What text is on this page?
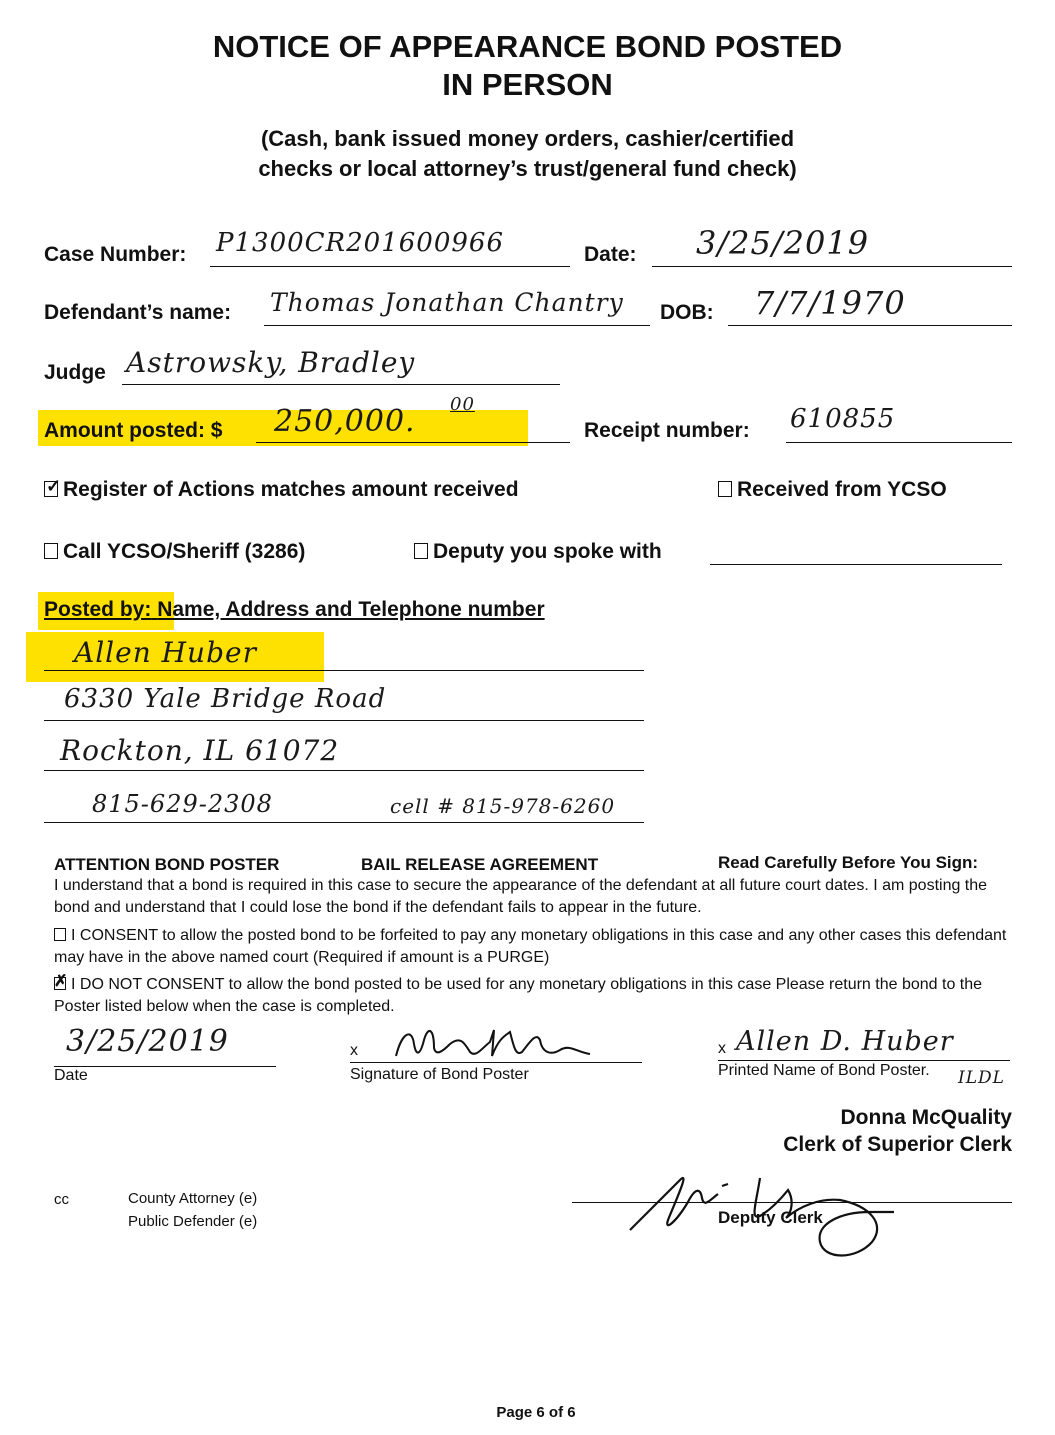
NOTICE OF APPEARANCE BOND POSTED
IN PERSON
(Cash, bank issued money orders, cashier/certified
checks or local attorney’s trust/general fund check)
Case Number: P1300CR201600966	Date: 3/25/2019
Defendant’s name: Thomas Jonathan Chantry DOB: 7/7/1970
Judge Astrowsky, Bradley
Amount posted: $ 250,000. 00
Receipt number: 610855
✓ Register of Actions matches amount received	Received from YCSO
Call YCSO/Sheriff (3286)	Deputy you spoke with
Posted by: Name, Address and Telephone number
Allen Huber
6330 Yale Bridge Road
Rockton, IL 61072
815-629-2308	cell # 815-978-6260
ATTENTION BOND POSTER	BAIL RELEASE AGREEMENT	Read Carefully Before You Sign:
I understand that a bond is required in this case to secure the appearance of the defendant at all future court dates. I am posting the bond and understand that I could lose the bond if the defendant fails to appear in the future.
I CONSENT to allow the posted bond to be forfeited to pay any monetary obligations in this case and any other cases this defendant may have in the above named court (Required if amount is a PURGE)
✗ I DO NOT CONSENT to allow the bond posted to be used for any monetary obligations in this case Please return the bond to the Poster listed below when the case is completed.
3/25/2019
Date
x
Signature of Bond Poster
x Allen D. Huber
Printed Name of Bond Poster. ILDL
Donna McQuality
Clerk of Superior Clerk
Deputy Clerk
cc	County Attorney (e)
Public Defender (e)
Page 6 of 6
